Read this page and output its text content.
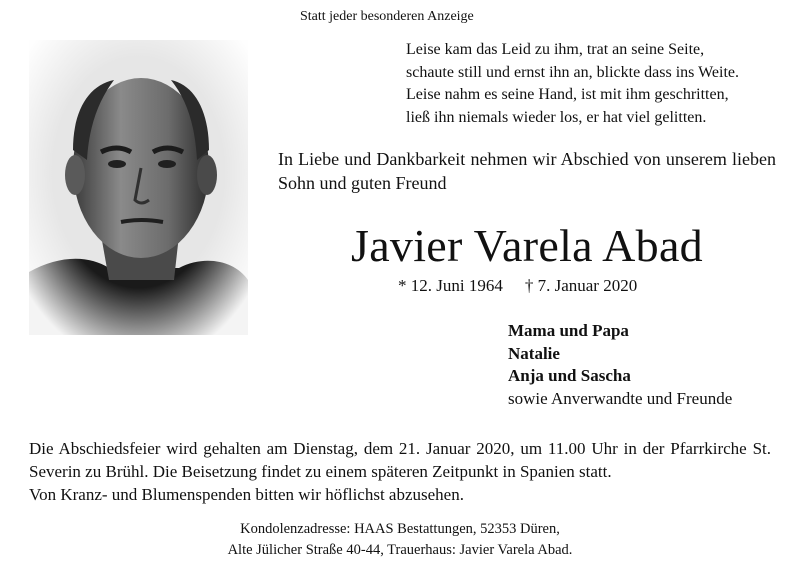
Statt jeder besonderen Anzeige
Leise kam das Leid zu ihm, trat an seine Seite,
schaute still und ernst ihn an, blickte dass ins Weite.
Leise nahm es seine Hand, ist mit ihm geschritten,
ließ ihn niemals wieder los, er hat viel gelitten.
In Liebe und Dankbarkeit nehmen wir Abschied von unserem lieben Sohn und guten Freund
Javier Varela Abad
* 12. Juni 1964 † 7. Januar 2020
Mama und Papa
Natalie
Anja und Sascha
sowie Anverwandte und Freunde
Die Abschiedsfeier wird gehalten am Dienstag, dem 21. Januar 2020, um 11.00 Uhr in der Pfarrkirche St. Severin zu Brühl. Die Beisetzung findet zu einem späteren Zeitpunkt in Spanien statt.
Von Kranz- und Blumenspenden bitten wir höflichst abzusehen.
Kondolenzadresse: HAAS Bestattungen, 52353 Düren,
Alte Jülicher Straße 40-44, Trauerhaus: Javier Varela Abad.
